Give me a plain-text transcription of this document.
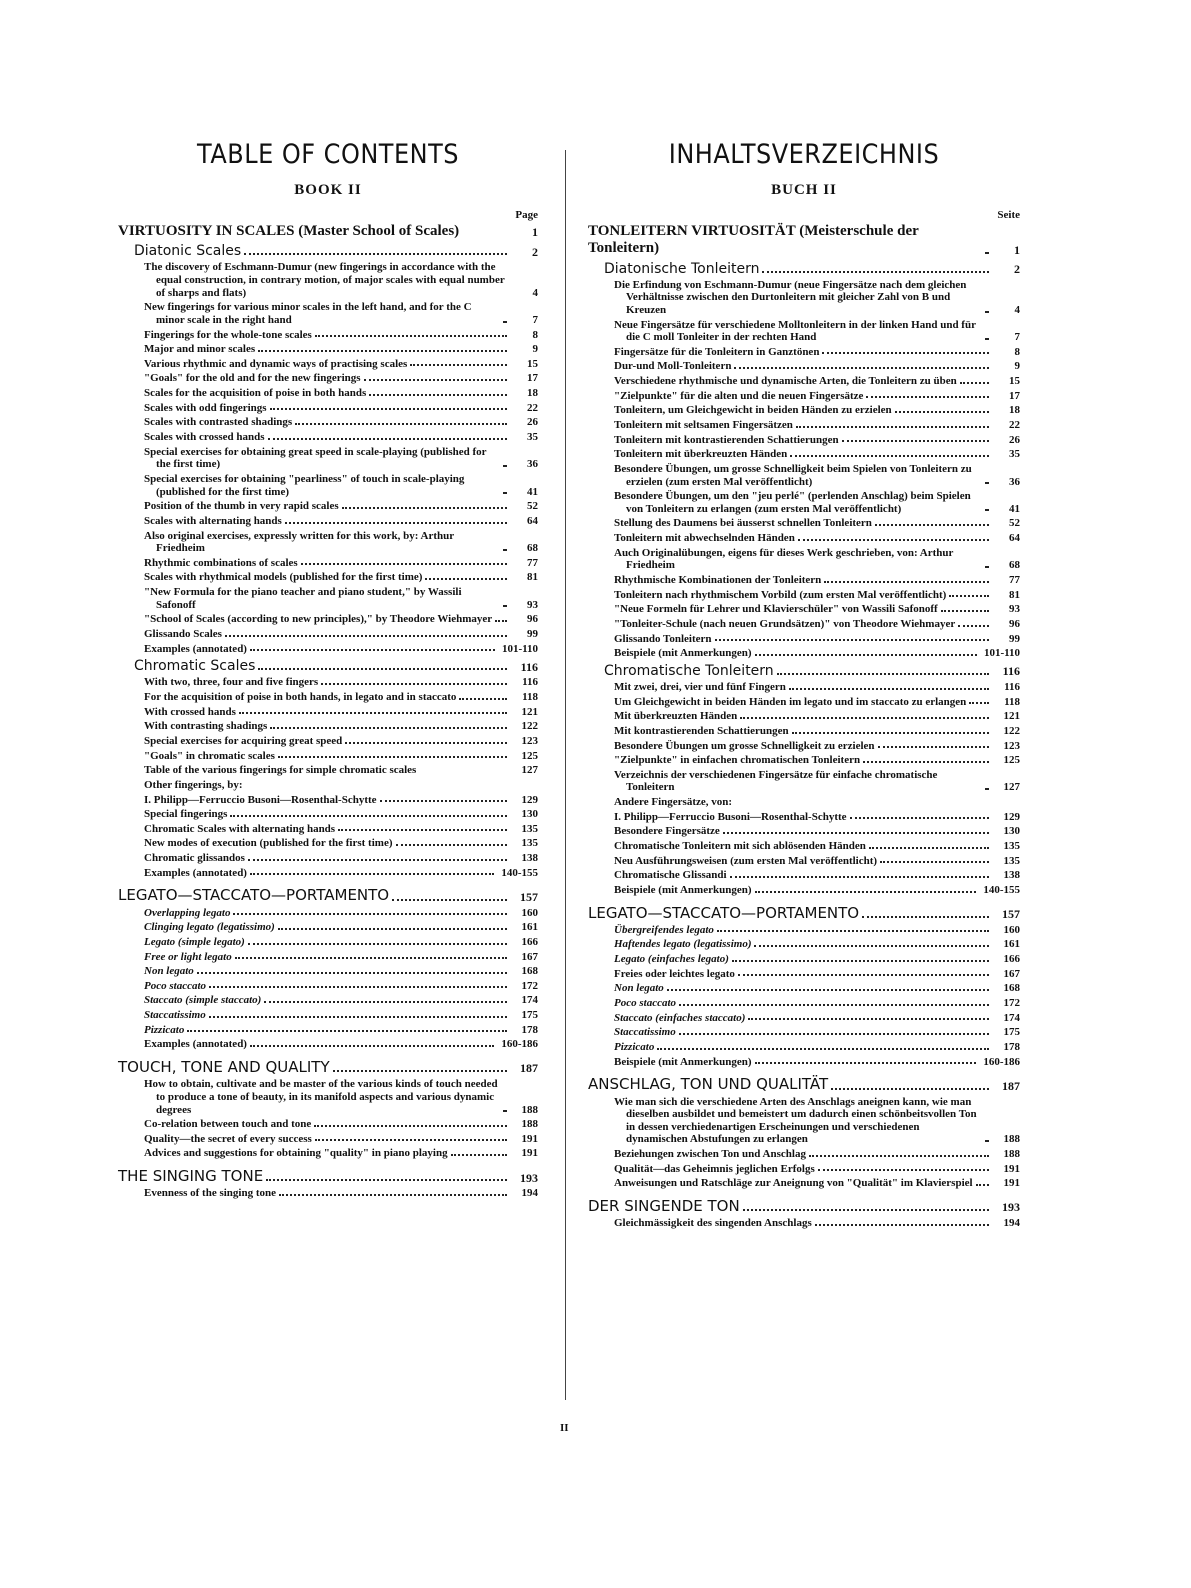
TABLE OF CONTENTS
BOOK II
Page
VIRTUOSITY IN SCALES (Master School of Scales)	1
Diatonic Scales	2
The discovery of Eschmann-Dumur (new fingerings in accordance with the equal construction, in contrary motion, of major scales with equal number of sharps and flats)	4
New fingerings for various minor scales in the left hand, and for the C minor scale in the right hand	7
Fingerings for the whole-tone scales	8
Major and minor scales	9
Various rhythmic and dynamic ways of practising scales	15
"Goals" for the old and for the new fingerings	17
Scales for the acquisition of poise in both hands	18
Scales with odd fingerings	22
Scales with contrasted shadings	26
Scales with crossed hands	35
Special exercises for obtaining great speed in scale-playing (published for the first time)	36
Special exercises for obtaining "pearliness" of touch in scale-playing (published for the first time)	41
Position of the thumb in very rapid scales	52
Scales with alternating hands	64
Also original exercises, expressly written for this work, by: Arthur Friedheim	68
Rhythmic combinations of scales	77
Scales with rhythmical models (published for the first time)	81
"New Formula for the piano teacher and piano student," by Wassili Safonoff	93
"School of Scales (according to new principles)," by Theodore Wiehmayer	96
Glissando Scales	99
Examples (annotated)	101-110
Chromatic Scales	116
With two, three, four and five fingers	116
For the acquisition of poise in both hands, in legato and in staccato	118
With crossed hands	121
With contrasting shadings	122
Special exercises for acquiring great speed	123
"Goals" in chromatic scales	125
Table of the various fingerings for simple chromatic scales	127
Other fingerings, by:
I. Philipp—Ferruccio Busoni—Rosenthal-Schytte	129
Special fingerings	130
Chromatic Scales with alternating hands	135
New modes of execution (published for the first time)	135
Chromatic glissandos	138
Examples (annotated)	140-155
LEGATO—STACCATO—PORTAMENTO	157
Overlapping legato	160
Clinging legato (legatissimo)	161
Legato (simple legato)	166
Free or light legato	167
Non legato	168
Poco staccato	172
Staccato (simple staccato)	174
Staccatissimo	175
Pizzicato	178
Examples (annotated)	160-186
TOUCH, TONE AND QUALITY	187
How to obtain, cultivate and be master of the various kinds of touch needed to produce a tone of beauty, in its manifold aspects and various dynamic degrees	188
Co-relation between touch and tone	188
Quality—the secret of every success	191
Advices and suggestions for obtaining "quality" in piano playing	191
THE SINGING TONE	193
Evenness of the singing tone	194
INHALTSVERZEICHNIS
BUCH II
Seite
TONLEITERN VIRTUOSITÄT (Meisterschule der Tonleitern)	1
Diatonische Tonleitern	2
Die Erfindung von Eschmann-Dumur (neue Fingersätze nach dem gleichen Verhältnisse zwischen den Durtonleitern mit gleicher Zahl von B und Kreuzen	4
Neue Fingersätze für verschiedene Molltonleitern in der linken Hand und für die C moll Tonleiter in der rechten Hand	7
Fingersätze für die Tonleitern in Ganztönen	8
Dur-und Moll-Tonleitern	9
Verschiedene rhythmische und dynamische Arten, die Tonleitern zu üben	15
"Zielpunkte" für die alten und die neuen Fingersätze	17
Tonleitern, um Gleichgewicht in beiden Händen zu erzielen	18
Tonleitern mit seltsamen Fingersätzen	22
Tonleitern mit kontrastierenden Schattierungen	26
Tonleitern mit überkreuzten Händen	35
Besondere Übungen, um grosse Schnelligkeit beim Spielen von Tonleitern zu erzielen (zum ersten Mal veröffentlicht)	36
Besondere Übungen, um den "jeu perlé" (perlenden Anschlag) beim Spielen von Tonleitern zu erlangen (zum ersten Mal veröffentlicht)	41
Stellung des Daumens bei äusserst schnellen Tonleitern	52
Tonleitern mit abwechselnden Händen	64
Auch Originalübungen, eigens für dieses Werk geschrieben, von: Arthur Friedheim	68
Rhythmische Kombinationen der Tonleitern	77
Tonleitern nach rhythmischem Vorbild (zum ersten Mal veröffentlicht)	81
"Neue Formeln für Lehrer und Klavierschüler" von Wassili Safonoff	93
"Tonleiter-Schule (nach neuen Grundsätzen)" von Theodore Wiehmayer	96
Glissando Tonleitern	99
Beispiele (mit Anmerkungen)	101-110
Chromatische Tonleitern	116
Mit zwei, drei, vier und fünf Fingern	116
Um Gleichgewicht in beiden Händen im legato und im staccato zu erlangen	118
Mit überkreuzten Händen	121
Mit kontrastierenden Schattierungen	122
Besondere Übungen um grosse Schnelligkeit zu erzielen	123
"Zielpunkte" in einfachen chromatischen Tonleitern	125
Verzeichnis der verschiedenen Fingersätze für einfache chromatische Tonleitern	127
Andere Fingersätze, von:
I. Philipp—Ferruccio Busoni—Rosenthal-Schytte	129
Besondere Fingersätze	130
Chromatische Tonleitern mit sich ablösenden Händen	135
Neu Ausführungsweisen (zum ersten Mal veröffentlicht)	135
Chromatische Glissandi	138
Beispiele (mit Anmerkungen)	140-155
LEGATO—STACCATO—PORTAMENTO	157
Übergreifendes legato	160
Haftendes legato (legatissimo)	161
Legato (einfaches legato)	166
Freies oder leichtes legato	167
Non legato	168
Poco staccato	172
Staccato (einfaches staccato)	174
Staccatissimo	175
Pizzicato	178
Beispiele (mit Anmerkungen)	160-186
ANSCHLAG, TON UND QUALITÄT	187
Wie man sich die verschiedene Arten des Anschlags aneignen kann, wie man dieselben ausbildet und bemeistert um dadurch einen schönbeitsvollen Ton in dessen verchiedenartigen Erscheinungen und verschiedenen dynamischen Abstufungen zu erlangen	188
Beziehungen zwischen Ton und Anschlag	188
Qualität—das Geheimnis jeglichen Erfolgs	191
Anweisungen und Ratschläge zur Aneignung von "Qualität" im Klavierspiel	191
DER SINGENDE TON	193
Gleichmässigkeit des singenden Anschlags	194
II
